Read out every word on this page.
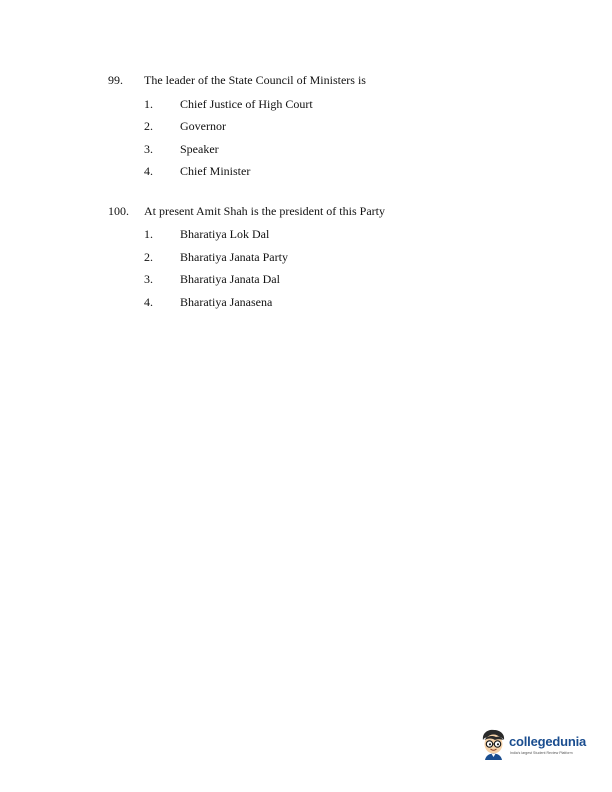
99. The leader of the State Council of Ministers is
1. Chief Justice of High Court
2. Governor
3. Speaker
4. Chief Minister
100. At present Amit Shah is the president of this Party
1. Bharatiya Lok Dal
2. Bharatiya Janata Party
3. Bharatiya Janata Dal
4. Bharatiya Janasena
collegedunia
India's largest Student Review Platform
